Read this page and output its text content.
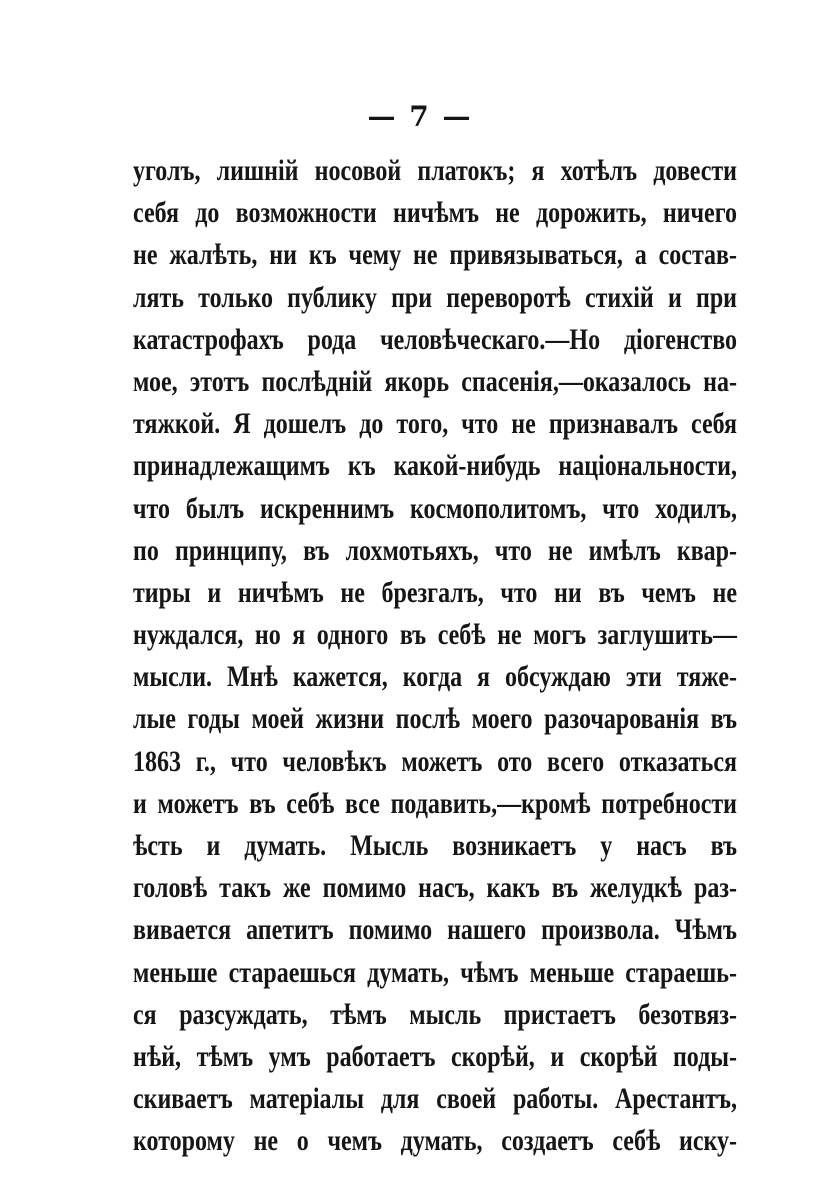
— 7 —
уголъ, лишній носовой платокъ; я хотѣлъ довести
себя до возможности ничѣмъ не дорожить, ничего
не жалѣть, ни къ чему не привязываться, а состав-
лять только публику при переворотѣ стихій и при
катастрофахъ рода человѣческаго.—Но діогенство
мое, этотъ послѣдній якорь спасенія,—оказалось на-
тяжкой. Я дошелъ до того, что не признавалъ себя
принадлежащимъ къ какой-нибудь національности,
что былъ искреннимъ космополитомъ, что ходилъ,
по принципу, въ лохмотьяхъ, что не имѣлъ квар-
тиры и ничѣмъ не брезгалъ, что ни въ чемъ не
нуждался, но я одного въ себѣ не могъ заглушить—
мысли. Мнѣ кажется, когда я обсуждаю эти тяже-
лые годы моей жизни послѣ моего разочарованія въ
1863 г., что человѣкъ можетъ ото всего отказаться
и можетъ въ себѣ все подавить,—кромѣ потребности
ѣсть и думать. Мысль возникаетъ у насъ въ
головѣ такъ же помимо насъ, какъ въ желудкѣ раз-
вивается апетитъ помимо нашего произвола. Чѣмъ
меньше стараешься думать, чѣмъ меньше стараешь-
ся разсуждать, тѣмъ мысль пристаетъ безотвяз-
нѣй, тѣмъ умъ работаетъ скорѣй, и скорѣй поды-
скиваетъ матеріалы для своей работы. Арестантъ,
которому не о чемъ думать, создаетъ себѣ иску-
